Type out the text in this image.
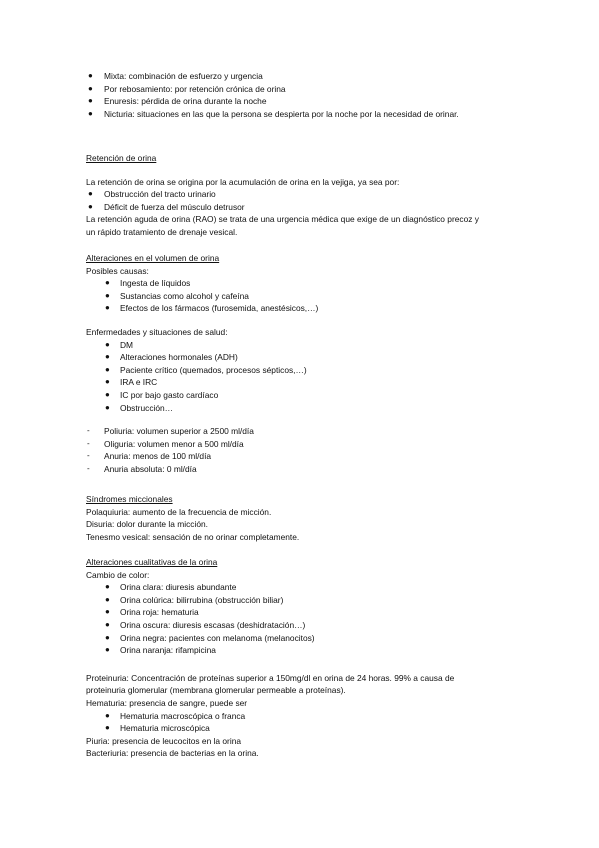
● Mixta: combinación de esfuerzo y urgencia
● Por rebosamiento: por retención crónica de orina
● Enuresis: pérdida de orina durante la noche
● Nicturia: situaciones en las que la persona se despierta por la noche por la necesidad de orinar.
Retención de orina
La retención de orina se origina por la acumulación de orina en la vejiga, ya sea por:
● Obstrucción del tracto urinario
● Déficit de fuerza del músculo detrusor
La retención aguda de orina (RAO) se trata de una urgencia médica que exige de un diagnóstico precoz y
un rápido tratamiento de drenaje vesical.
Alteraciones en el volumen de orina
Posibles causas:
● Ingesta de líquidos
● Sustancias como alcohol y cafeína
● Efectos de los fármacos (furosemida, anestésicos,…)
Enfermedades y situaciones de salud:
● DM
● Alteraciones hormonales (ADH)
● Paciente crítico (quemados, procesos sépticos,…)
● IRA e IRC
● IC por bajo gasto cardíaco
● Obstrucción…
- Poliuria: volumen superior a 2500 ml/día
- Oliguria: volumen menor a 500 ml/día
- Anuria: menos de 100 ml/día
- Anuria absoluta: 0 ml/día
Síndromes miccionales
Polaquiuria: aumento de la frecuencia de micción.
Disuria: dolor durante la micción.
Tenesmo vesical: sensación de no orinar completamente.
Alteraciones cualitativas de la orina
Cambio de color:
● Orina clara: diuresis abundante
● Orina colúrica: bilirrubina (obstrucción biliar)
● Orina roja: hematuria
● Orina oscura: diuresis escasas (deshidratación…)
● Orina negra: pacientes con melanoma (melanocitos)
● Orina naranja: rifampicina
Proteinuria: Concentración de proteínas superior a 150mg/dl en orina de 24 horas. 99% a causa de
proteinuria glomerular (membrana glomerular permeable a proteínas).
Hematuria: presencia de sangre, puede ser
● Hematuria macroscópica o franca
● Hematuria microscópica
Piuria: presencia de leucocitos en la orina
Bacteriuria: presencia de bacterias en la orina.
